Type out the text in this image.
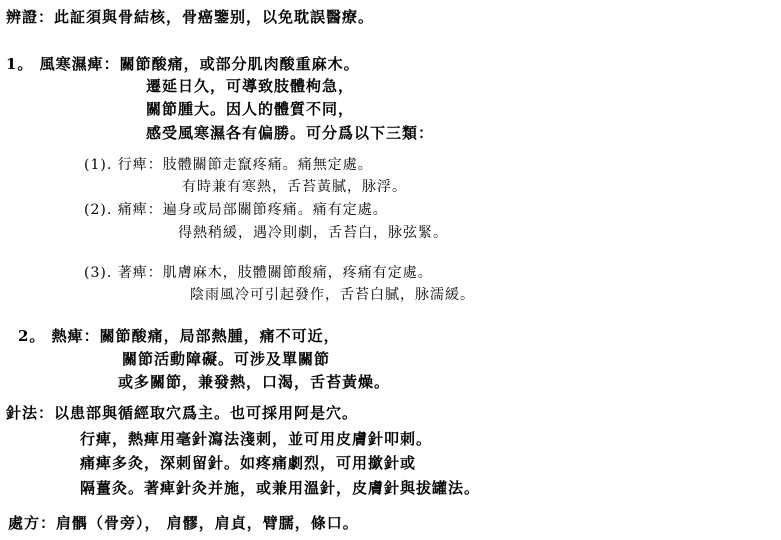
辨證：此証須與骨結核，骨癌鑒别，以免耽誤醫療。
1。 風寒濕痺：關節酸痛，或部分肌肉酸重麻木。
遷延日久，可導致肢體枸急，
關節腫大。因人的體質不同，
感受風寒濕各有偏勝。可分爲以下三類：
(1). 行痺：肢體關節走竄疼痛。痛無定處。
有時兼有寒熱，舌苔黃膩，脉浮。
(2). 痛痺：遍身或局部關節疼痛。痛有定處。
得熱稍緩，遇冷則劇，舌苔白，脉弦緊。
(3). 著痺：肌膚麻木，肢體關節酸痛，疼痛有定處。
陰雨風冷可引起發作，舌苔白膩，脉濡緩。
2。 熱痺：關節酸痛，局部熱腫，痛不可近，
關節活動障礙。可涉及單關節
或多關節，兼發熱，口渴，舌苔黃燥。
針法：以患部與循經取穴爲主。也可採用阿是穴。
行痺，熱痺用毫針瀉法淺刺，並可用皮膚針叩刺。
痛痺多灸，深刺留針。如疼痛劇烈，可用撳針或
隔薑灸。著痺針灸并施，或兼用溫針，皮膚針與拔罐法。
處方：肩髃（骨旁）， 肩髎，肩貞，臂臑，條口。
